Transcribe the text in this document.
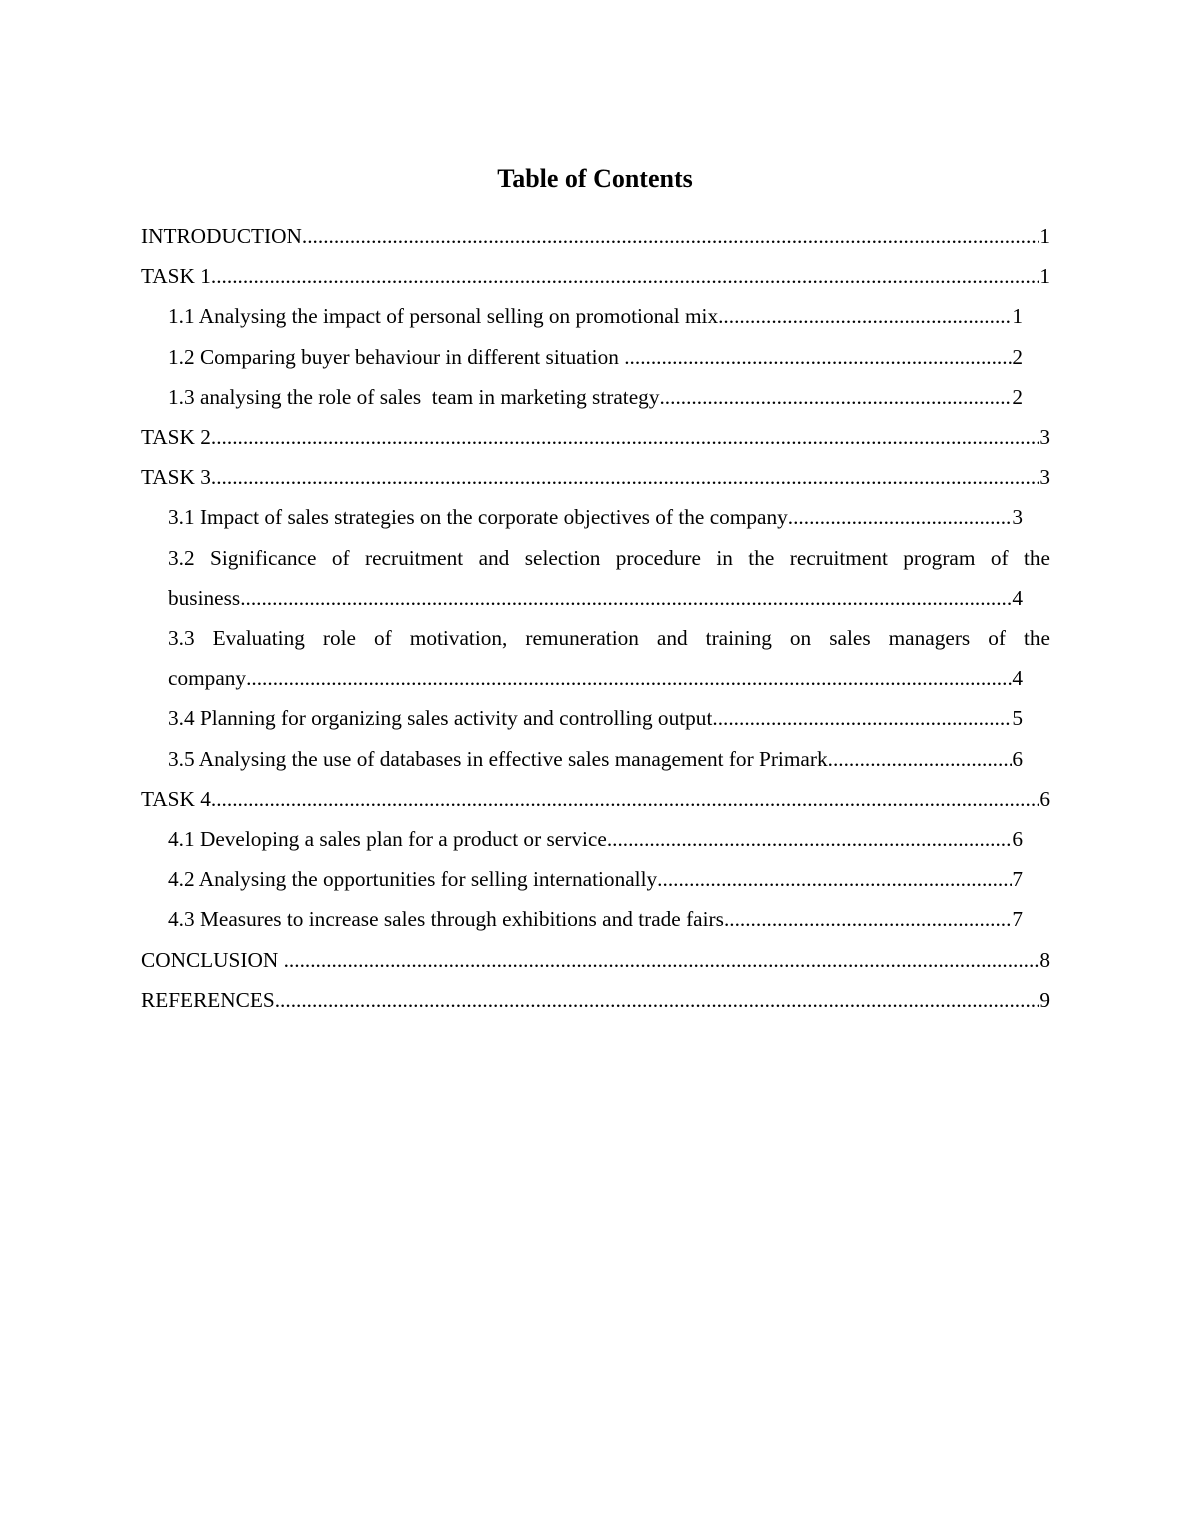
Table of Contents
INTRODUCTION .....	1
TASK 1 .....	1
1.1 Analysing the impact of personal selling on promotional mix .....	1
1.2 Comparing buyer behaviour in different situation .....	2
1.3 analysing the role of sales  team in marketing strategy .....	2
TASK 2 .....	3
TASK 3 .....	3
3.1 Impact of sales strategies on the corporate objectives of the company .....	3
3.2 Significance of recruitment and selection procedure in the recruitment program of the
business .....	4
3.3 Evaluating role of motivation, remuneration and training on sales managers of the
company .....	4
3.4 Planning for organizing sales activity and controlling output .....	5
3.5 Analysing the use of databases in effective sales management for Primark .....	6
TASK 4 .....	6
4.1 Developing a sales plan for a product or service .....	6
4.2 Analysing the opportunities for selling internationally .....	7
4.3 Measures to increase sales through exhibitions and trade fairs .....	7
CONCLUSION .....	8
REFERENCES .....	9
